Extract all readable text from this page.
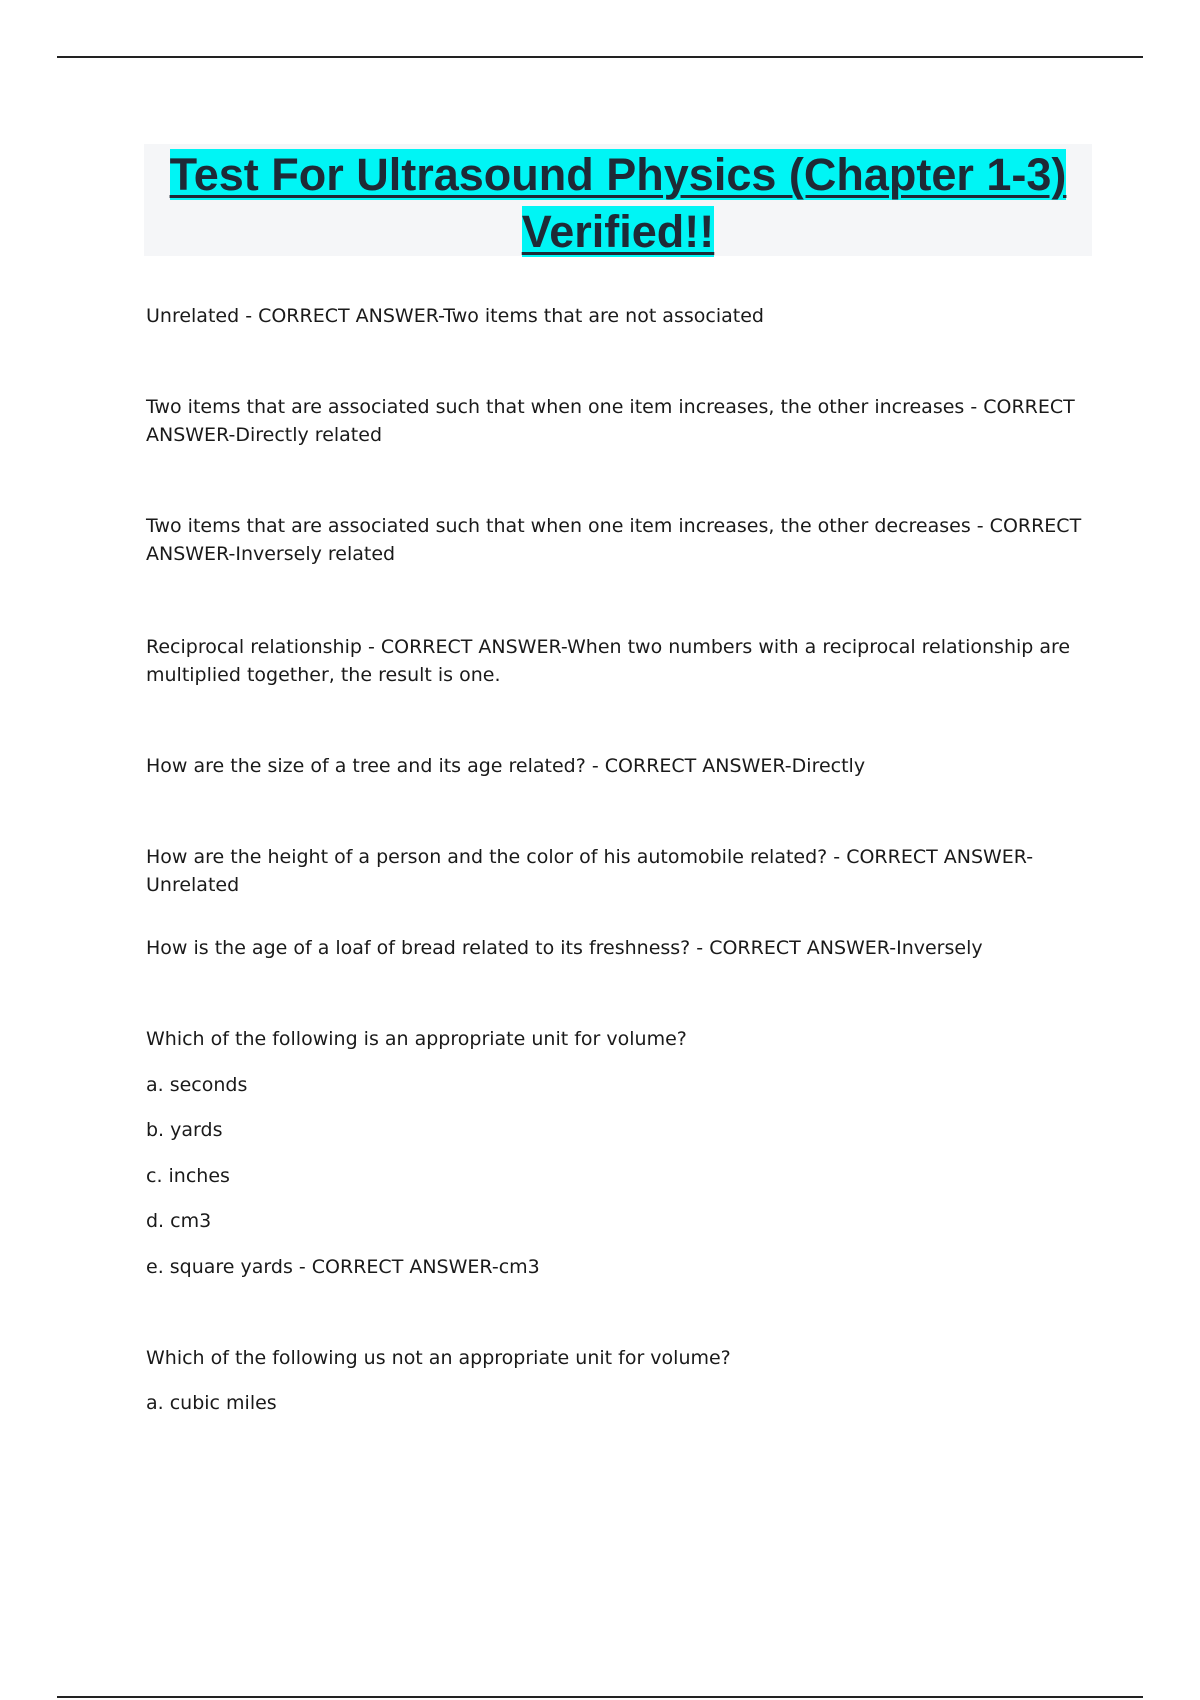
Test For Ultrasound Physics (Chapter 1-3) Verified!!

Unrelated - CORRECT ANSWER-Two items that are not associated

Two items that are associated such that when one item increases, the other increases - CORRECT ANSWER-Directly related

Two items that are associated such that when one item increases, the other decreases - CORRECT ANSWER-Inversely related

Reciprocal relationship - CORRECT ANSWER-When two numbers with a reciprocal relationship are multiplied together, the result is one.

How are the size of a tree and its age related? - CORRECT ANSWER-Directly

How are the height of a person and the color of his automobile related? - CORRECT ANSWER-Unrelated

How is the age of a loaf of bread related to its freshness? - CORRECT ANSWER-Inversely

Which of the following is an appropriate unit for volume?

a. seconds

b. yards

c. inches

d. cm3

e. square yards - CORRECT ANSWER-cm3

Which of the following us not an appropriate unit for volume?

a. cubic miles
